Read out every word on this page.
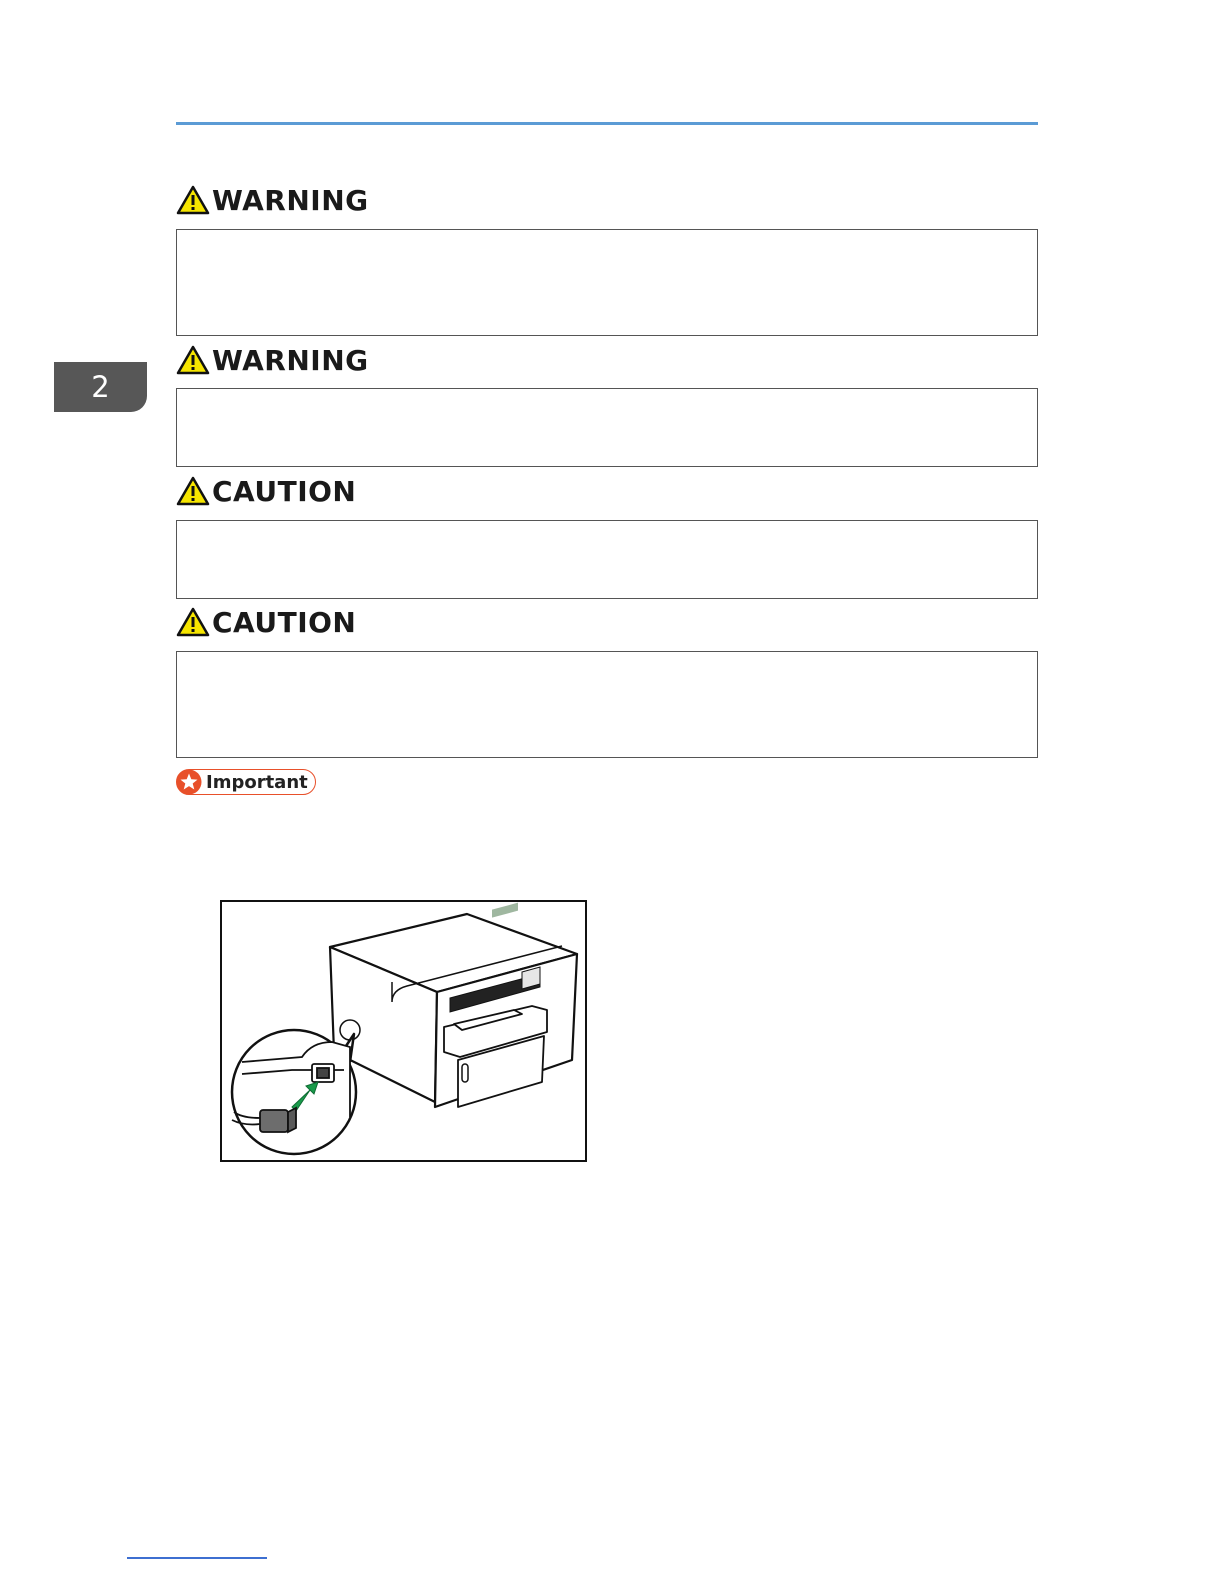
2
WARNING
WARNING
CAUTION
CAUTION
Important
